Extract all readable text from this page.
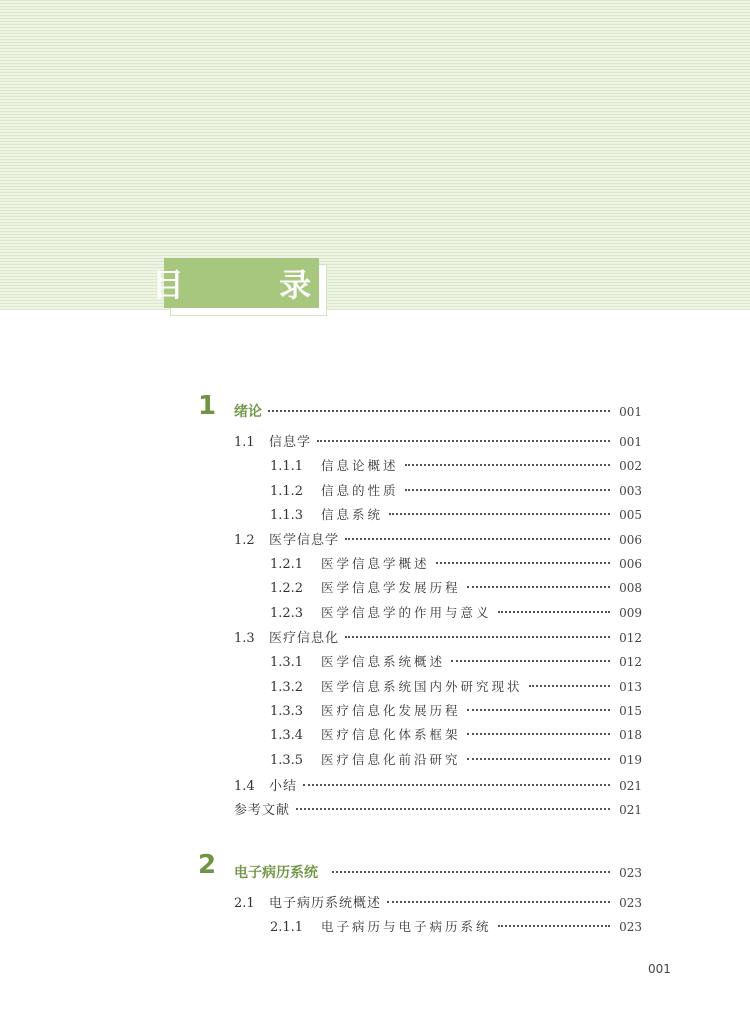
目 录
1 绪论	001
1.1	信息学	001
1.1.1	信息论概述	002
1.1.2	信息的性质	003
1.1.3	信息系统	005
1.2	医学信息学	006
1.2.1	医学信息学概述	006
1.2.2	医学信息学发展历程	008
1.2.3	医学信息学的作用与意义	009
1.3	医疗信息化	012
1.3.1	医学信息系统概述	012
1.3.2	医学信息系统国内外研究现状	013
1.3.3	医疗信息化发展历程	015
1.3.4	医疗信息化体系框架	018
1.3.5	医疗信息化前沿研究	019
1.4	小结	021
参考文献	021
2 电子病历系统	023
2.1	电子病历系统概述	023
2.1.1	电子病历与电子病历系统	023
001
